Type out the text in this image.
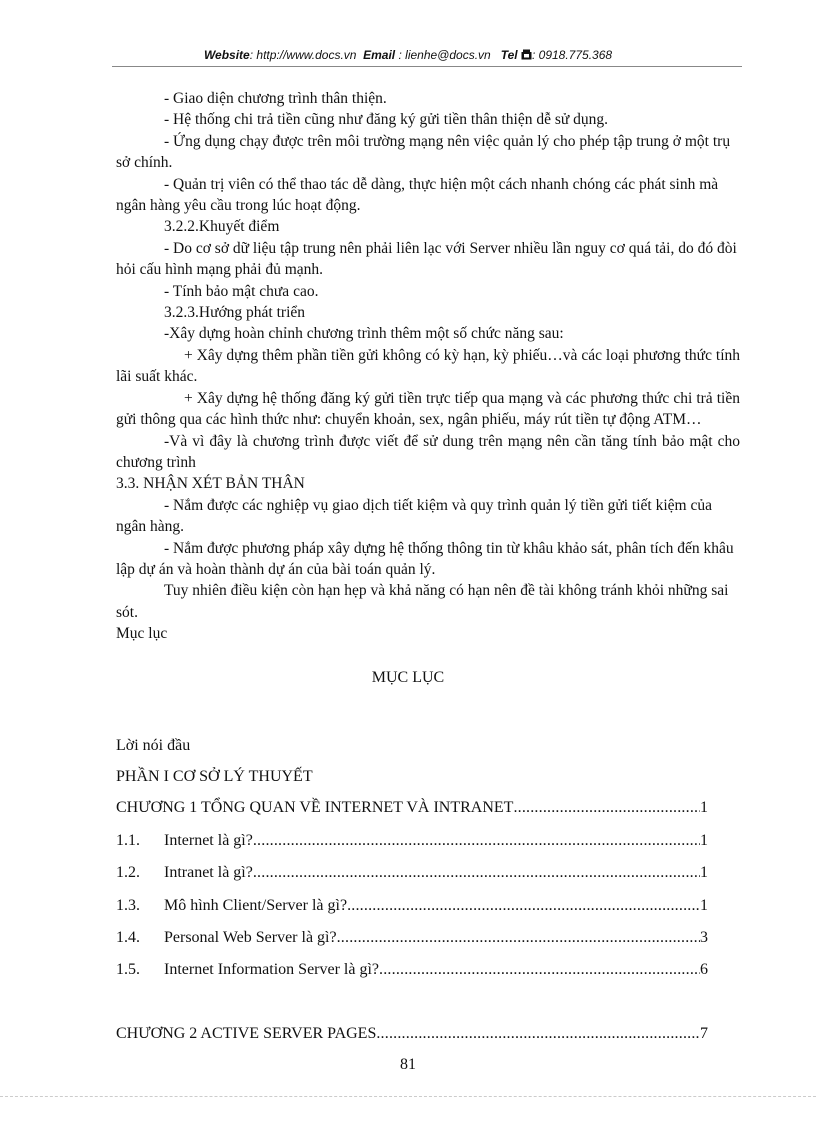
Website: http://www.docs.vn Email : lienhe@docs.vn Tel : 0918.775.368

- Giao diện chương trình thân thiện.

- Hệ thống chi trả tiền cũng như đăng ký gửi tiền thân thiện dễ sử dụng.

- Ứng dụng chạy được trên môi trường mạng nên việc quản lý cho phép tập trung ở một trụ sở chính.

- Quản trị viên có thể thao tác dễ dàng, thực hiện một cách nhanh chóng các phát sinh mà ngân hàng yêu cầu trong lúc hoạt động.

3.2.2.Khuyết điểm

- Do cơ sở dữ liệu tập trung nên phải liên lạc với Server nhiều lần nguy cơ quá tải, do đó đòi hỏi cấu hình mạng phải đủ mạnh.

- Tính bảo mật chưa cao.

3.2.3.Hướng phát triển

-Xây dựng hoàn chỉnh chương trình thêm một số chức năng sau:

+ Xây dựng thêm phần tiền gửi không có kỳ hạn, kỳ phiếu…và các loại phương thức tính lãi suất khác.

+ Xây dựng hệ thống đăng ký gửi tiền trực tiếp qua mạng và các phương thức chi trả tiền gửi thông qua các hình thức như: chuyển khoản, sex, ngân phiếu, máy rút tiền tự động ATM…

-Và vì đây là chương trình được viết để sử dung trên mạng nên cần tăng tính bảo mật cho chương trình

3.3. NHẬN XÉT BẢN THÂN

- Nắm được các nghiệp vụ giao dịch tiết kiệm và quy trình quản lý tiền gửi tiết kiệm của ngân hàng.

- Nắm được phương pháp xây dựng hệ thống thông tin từ khâu khảo sát, phân tích đến khâu lập dự án và hoàn thành dự án của bài toán quản lý.

Tuy nhiên điều kiện còn hạn hẹp và khả năng có hạn nên đề tài không tránh khỏi những sai sót.

Mục lục

MỤC LỤC
Lời nói đầu
PHẦN I CƠ SỞ LÝ THUYẾT
CHƯƠNG 1 TỔNG QUAN VỀ INTERNET VÀ INTRANET .....	1
1.1.	Internet là gì? .....	1
1.2.	Intranet là gì? .....	1
1.3.	Mô hình Client/Server là gì? .....	1
1.4.	Personal Web Server là gì? .....	3
1.5.	Internet Information Server là gì? .....	6
CHƯƠNG 2 ACTIVE SERVER PAGES .....	7
81
